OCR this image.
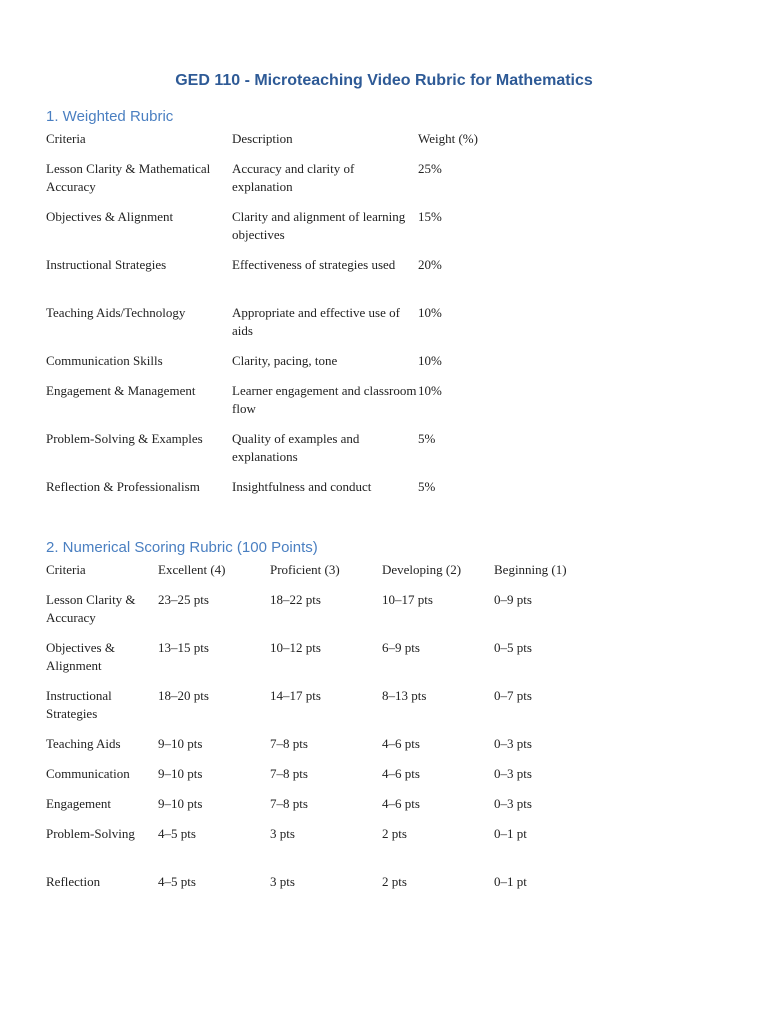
GED 110 - Microteaching Video Rubric for Mathematics
1. Weighted Rubric
Criteria	Description	Weight (%)
Lesson Clarity & Mathematical Accuracy	Accuracy and clarity of explanation	25%
Objectives & Alignment	Clarity and alignment of learning objectives	15%
Instructional Strategies	Effectiveness of strategies used	20%
Teaching Aids/Technology	Appropriate and effective use of aids	10%
Communication Skills	Clarity, pacing, tone	10%
Engagement & Management	Learner engagement and classroom flow	10%
Problem-Solving & Examples	Quality of examples and explanations	5%
Reflection & Professionalism	Insightfulness and conduct	5%
2. Numerical Scoring Rubric (100 Points)
Criteria	Excellent (4)	Proficient (3)	Developing (2)	Beginning (1)
Lesson Clarity & Accuracy	23–25 pts	18–22 pts	10–17 pts	0–9 pts
Objectives & Alignment	13–15 pts	10–12 pts	6–9 pts	0–5 pts
Instructional Strategies	18–20 pts	14–17 pts	8–13 pts	0–7 pts
Teaching Aids	9–10 pts	7–8 pts	4–6 pts	0–3 pts
Communication	9–10 pts	7–8 pts	4–6 pts	0–3 pts
Engagement	9–10 pts	7–8 pts	4–6 pts	0–3 pts
Problem-Solving	4–5 pts	3 pts	2 pts	0–1 pt
Reflection	4–5 pts	3 pts	2 pts	0–1 pt
